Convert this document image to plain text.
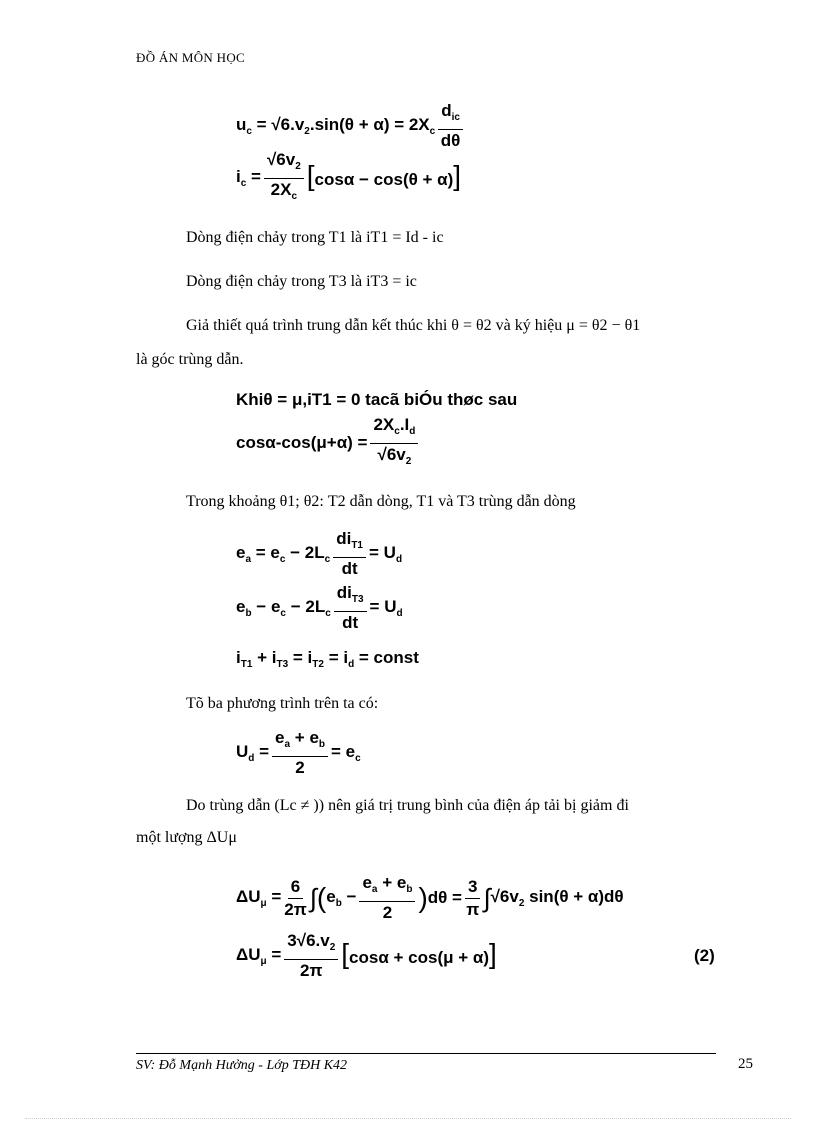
ĐỒ ÁN MÔN HỌC
$u_c = √6.v_2.\sin(\theta + \alpha) = 2X_c \frac{d_{ic}}{d\theta}$
$i_c = \frac{√6v_2}{2X_c} [\cos\alpha - \cos(\theta + \alpha)]$
Dòng điện chảy trong T1 là iT1 = Id - ic
Dòng điện chảy trong T3 là iT3 = ic
Giả thiết quá trình trung dẫn kết thúc khi θ = θ2 và ký hiệu μ = θ2 − θ1
là góc trùng dẫn.
Khiθ = μ,iT1 = 0 tacã biÓu thøc sau
$\cos\alpha-\cos(\mu+\alpha) = \frac{2X_c.I_d}{√6v_2}$
Trong khoảng θ1; θ2: T2 dẫn dòng, T1 và T3 trùng dẫn dòng
$e_a = e_c - 2L_c \frac{di_{T1}}{dt} = U_d$
$e_b - e_c - 2L_c \frac{di_{T3}}{dt} = U_d$
$i_{T1} + i_{T3} = i_{T2} = i_d$ = const
Tõ ba phương trình trên ta có:
$U_d = \frac{e_a + e_b}{2} = e_c$
Do trùng dẫn (Lc ≠ )) nên giá trị trung bình của điện áp tải bị giảm đi
một lượng ΔUμ
$\Delta U_\mu = \frac{6}{2\pi}$ ∫ ( $e_b - \frac{e_a + e_b}{2}$ ) $d\theta = \frac{3}{\pi}$ ∫ $√6v_2$ sin(θ + α)dθ
$\Delta U_\mu = \frac{3√6.v_2}{2\pi} [\cos\alpha + \cos(\mu + \alpha)]$	(2)
SV: Đỗ Mạnh Hưởng - Lớp TĐH K42	25
